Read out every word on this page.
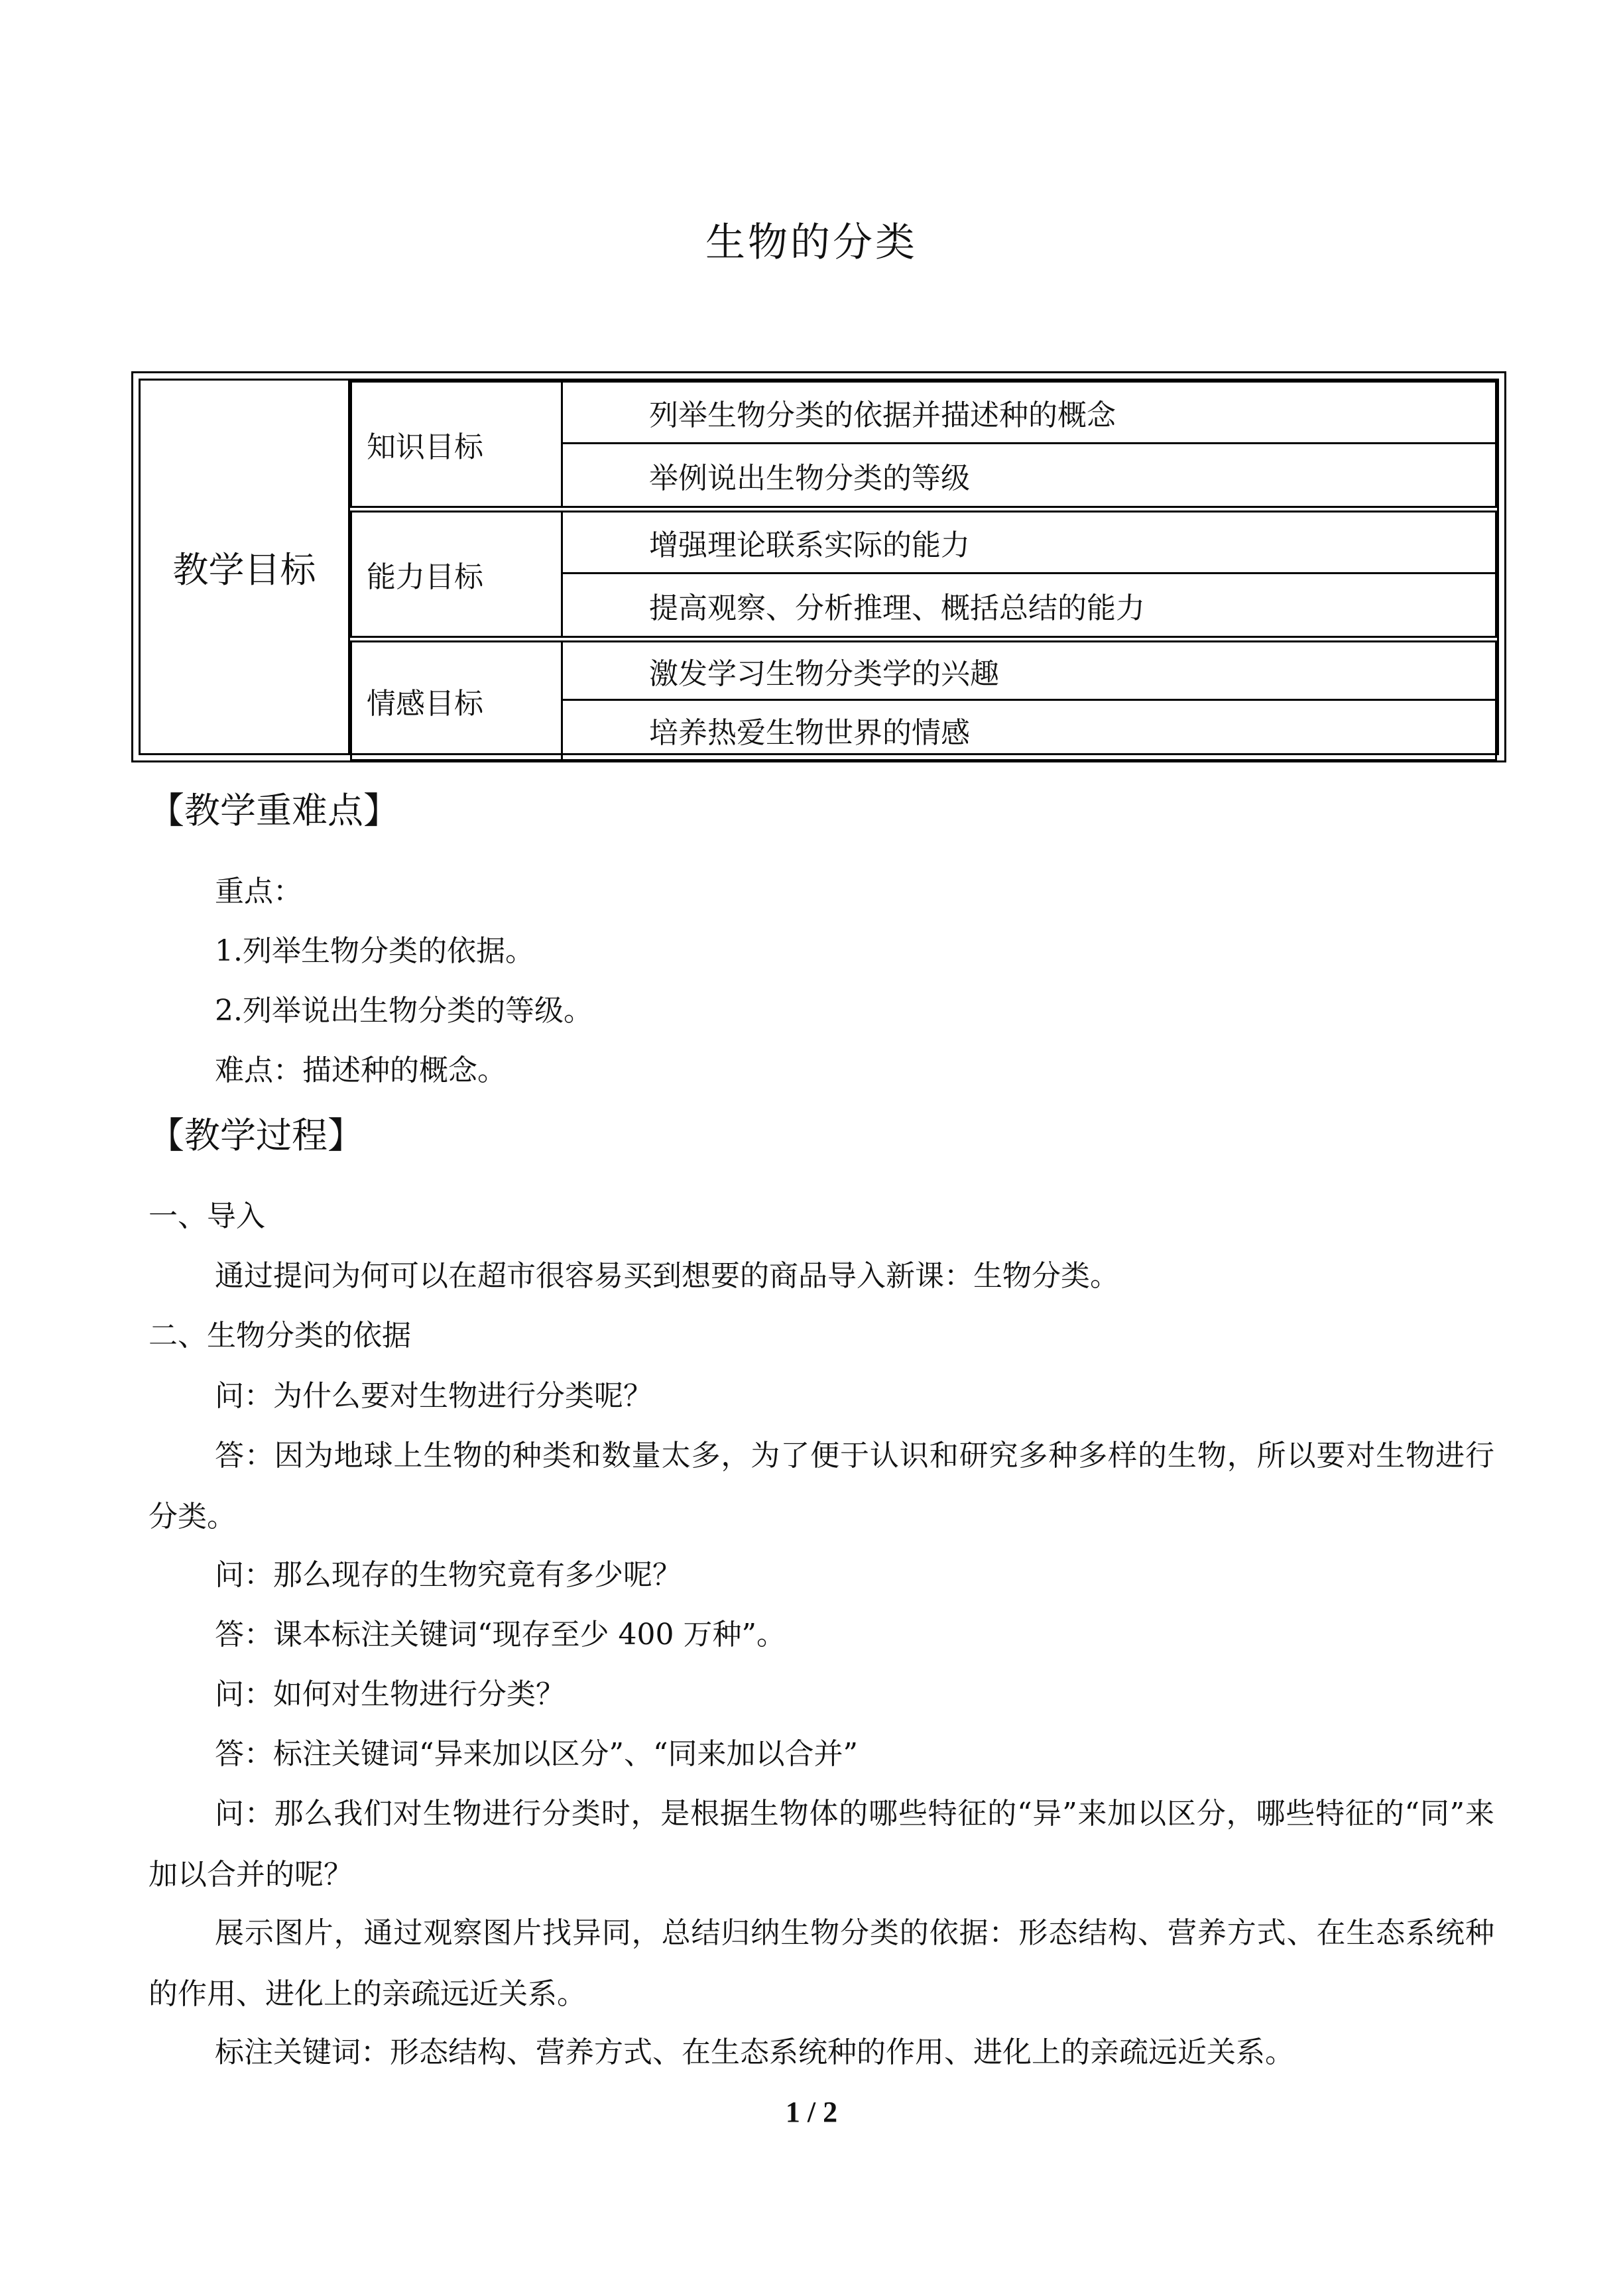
生物的分类
教学目标
知识目标
列举生物分类的依据并描述种的概念
举例说出生物分类的等级
能力目标
增强理论联系实际的能力
提高观察、分析推理、概括总结的能力
情感目标
激发学习生物分类学的兴趣
培养热爱生物世界的情感
【教学重难点】
重点：
1.列举生物分类的依据。
2.列举说出生物分类的等级。
难点：描述种的概念。
【教学过程】
一、导入
通过提问为何可以在超市很容易买到想要的商品导入新课：生物分类。
二、生物分类的依据
问：为什么要对生物进行分类呢？
答：因为地球上生物的种类和数量太多，为了便于认识和研究多种多样的生物，所以要对生物进行分类。
问：那么现存的生物究竟有多少呢？
答：课本标注关键词“现存至少 400 万种”。
问：如何对生物进行分类？
答：标注关键词“异来加以区分”、“同来加以合并”
问：那么我们对生物进行分类时，是根据生物体的哪些特征的“异”来加以区分，哪些特征的“同”来加以合并的呢？
展示图片，通过观察图片找异同，总结归纳生物分类的依据：形态结构、营养方式、在生态系统种的作用、进化上的亲疏远近关系。
标注关键词：形态结构、营养方式、在生态系统种的作用、进化上的亲疏远近关系。
1 / 2
